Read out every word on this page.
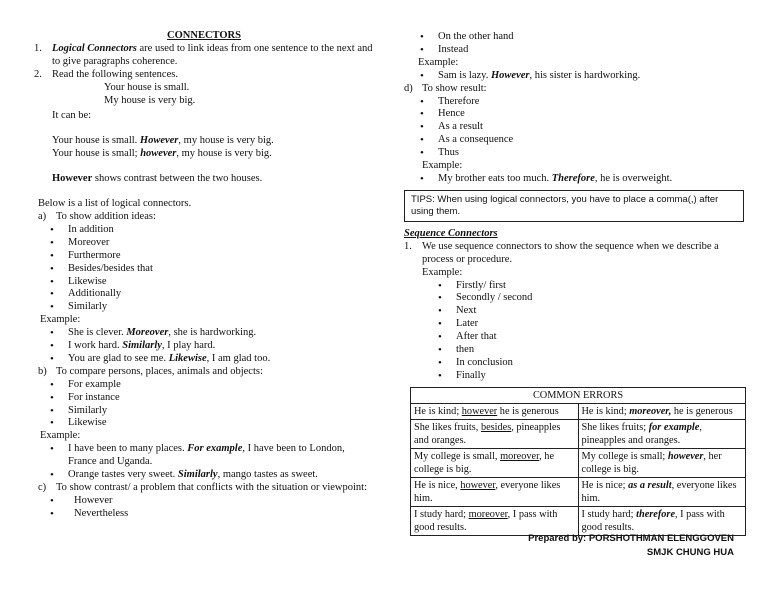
CONNECTORS
1. Logical Connectors are used to link ideas from one sentence to the next and to give paragraphs coherence.
2. Read the following sentences.
Your house is small.
My house is very big.
It can be:
Your house is small. However, my house is very big.
Your house is small; however, my house is very big.
However shows contrast between the two houses.
Below is a list of logical connectors.
a) To show addition ideas:
• In addition
• Moreover
• Furthermore
• Besides/besides that
• Likewise
• Additionally
• Similarly
Example:
• She is clever. Moreover, she is hardworking.
• I work hard. Similarly, I play hard.
• You are glad to see me. Likewise, I am glad too.
b) To compare persons, places, animals and objects:
• For example
• For instance
• Similarly
• Likewise
Example:
• I have been to many places. For example, I have been to London, France and Uganda.
• Orange tastes very sweet. Similarly, mango tastes as sweet.
c) To show contrast/ a problem that conflicts with the situation or viewpoint:
• However
• Nevertheless
• On the other hand
• Instead
Example:
• Sam is lazy. However, his sister is hardworking.
d) To show result:
• Therefore
• Hence
• As a result
• As a consequence
• Thus
Example:
• My brother eats too much. Therefore, he is overweight.
TIPS: When using logical connectors, you have to place a comma(,) after using them.
Sequence Connectors
1. We use sequence connectors to show the sequence when we describe a process or procedure.
Example:
• Firstly/ first
• Secondly / second
• Next
• Later
• After that
• then
• In conclusion
• Finally
COMMON ERRORS	
He is kind; however he is generous	He is kind; moreover, he is generous
She likes fruits, besides, pineapples and oranges.	She likes fruits; for example, pineapples and oranges.
My college is small, moreover, he college is big.	My college is small; however, her college is big.
He is nice, however, everyone likes him.	He is nice; as a result, everyone likes him.
I study hard; moreover, I pass with good results.	I study hard; therefore, I pass with good results.
Prepared by: PORSHOTHMAN ELENGGOVEN
SMJK CHUNG HUA
